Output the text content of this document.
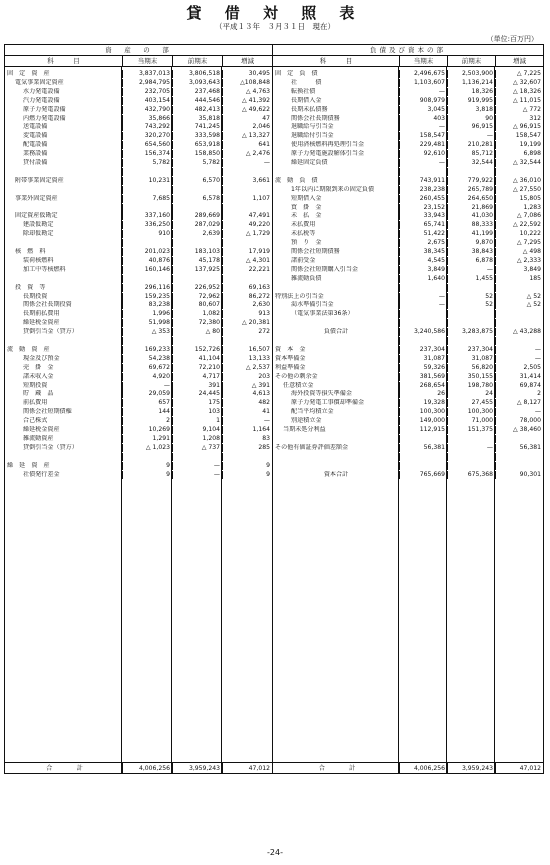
貸 借 対 照 表
（平成１３年　３月３１日　現在）
（単位:百万円）
資　産　の　部
科　　　目	当期末	前期末	増減
固　定　資　産	3,837,013	3,806,518	30,495
電気事業固定資産	2,984,795	3,093,643	△108,848
水力発電設備	232,705	237,468	△ 4,763
汽力発電設備	403,154	444,546	△ 41,392
原子力発電設備	432,790	482,413	△ 49,622
内燃力発電設備	35,866	35,818	47
送電設備	743,292	741,245	2,046
変電設備	320,270	333,598	△ 13,327
配電設備	654,560	653,918	641
業務設備	156,374	158,850	△ 2,476
貸付設備	5,782	5,782	—
附帯事業固定資産	10,231	6,570	3,661
事業外固定資産	7,685	6,578	1,107
固定資産仮勘定	337,160	289,669	47,491
建設仮勘定	336,250	287,029	49,220
除却仮勘定	910	2,639	△ 1,729
核　燃　料	201,023	183,103	17,919
装荷核燃料	40,876	45,178	△ 4,301
加工中等核燃料	160,146	137,925	22,221
投　資　等	296,116	226,952	69,163
長期投資	159,235	72,962	86,272
関係会社長期投資	83,238	80,607	2,630
長期前払費用	1,996	1,082	913
繰延税金資産	51,998	72,380	△ 20,381
貸倒引当金（貸方）	△ 353	△ 80	272
流　動　資　産	169,233	152,726	16,507
現金及び預金	54,238	41,104	13,133
売　掛　金	69,672	72,210	△ 2,537
諸未収入金	4,920	4,717	203
短期投資	—	391	△ 391
貯　蔵　品	29,059	24,445	4,613
前払費用	657	175	482
関係会社短期債権	144	103	41
合己株式	2	1	—
繰延税金資産	10,269	9,104	1,164
雑流動資産	1,291	1,208	83
貸倒引当金（貸方）	△ 1,023	△ 737	285
繰　延　資　産	9	—	9
社債発行差金	9	—	9
合　　　　計	4,006,256	3,959,243	47,012
負債及び資本の部
科　　　目	当期末	前期末	増減
固　定　負　債	2,496,675	2,503,900	△ 7,225
社　　　債	1,103,607	1,136,214	△ 32,607
転換社債	—	18,326	△ 18,326
長期借入金	908,979	919,995	△ 11,015
長期未払債務	3,045	3,818	△ 772
関係会社長期債務	403	90	312
退職給与引当金	—	96,915	△ 96,915
退職給付引当金	158,547	—	158,547
使用済核燃料再処理引当金	229,481	210,281	19,199
原子力発電施設解体引当金	92,610	85,712	6,898
繰延固定負債	—	32,544	△ 32,544
流　動　負　債	743,911	779,922	△ 36,010
1年以内に期限到来の固定負債	238,238	265,789	△ 27,550
短期借入金	260,455	264,650	15,805
買　掛　金	23,152	21,869	1,283
未　払　金	33,943	41,030	△ 7,086
未払費用	65,741	88,333	△ 22,592
未払税等	51,422	41,199	10,222
預　り　金	2,675	9,870	△ 7,295
関係会社短期債務	38,345	38,843	△ 498
諸前受金	4,545	6,878	△ 2,333
関係会社短期購入引当金	3,849	—	3,849
雑流動負債	1,640	1,455	185
特別法上の引当金	—	52	△ 52
渇水準備引当金	—	52	△ 52
（電気事業法第36条）
負債合計	3,240,586	3,283,875	△ 43,288
資　本　金	237,304	237,304	—
資本準備金	31,087	31,087	—
利益準備金	59,326	56,820	2,505
その他の剰余金	381,569	350,155	31,414
任意積立金	268,654	198,780	69,874
海外投資等損失準備金	26	24	2
原子力発電工事償却準備金	19,328	27,455	△ 8,127
配当平均積立金	100,300	100,300	—
別途積立金	149,000	71,000	78,000
当期未処分利益	112,915	151,375	△ 38,460
その他有価証券評価差額金	56,381	—	56,381
資本合計	765,669	675,368	90,301
合　　　　計	4,006,256	3,959,243	47,012
-24-
